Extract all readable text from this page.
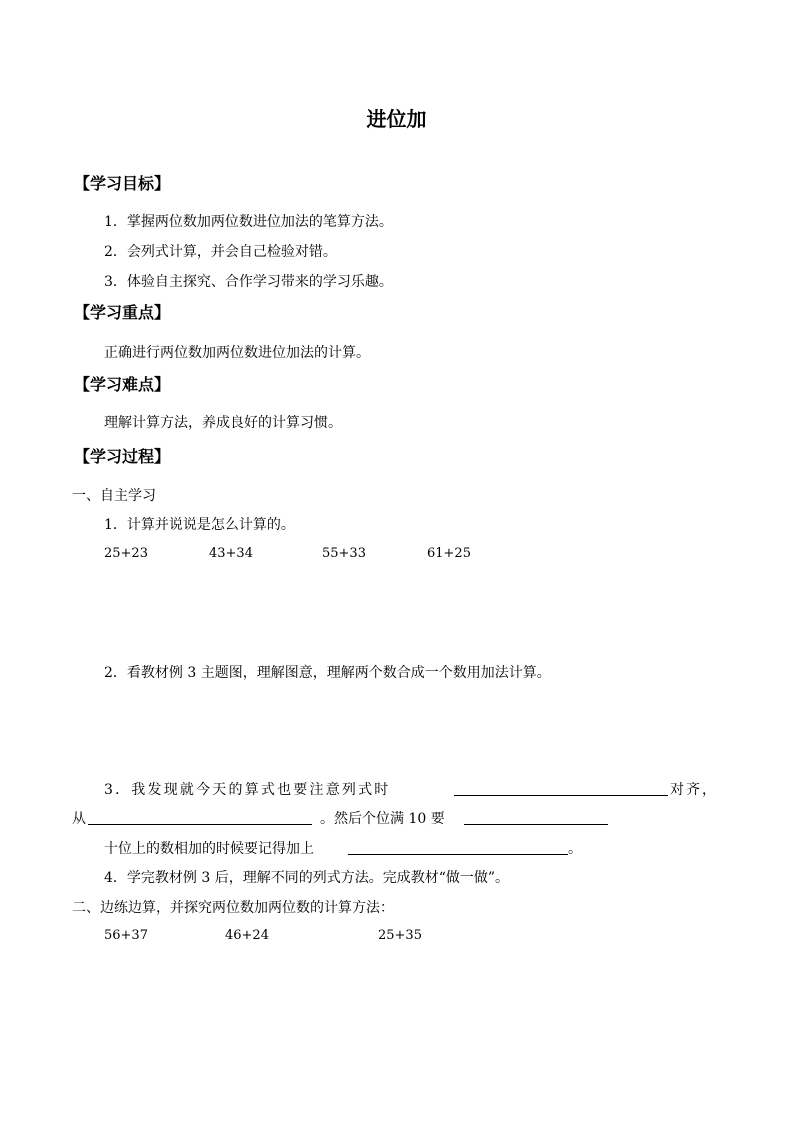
进位加
【学习目标】
1．掌握两位数加两位数进位加法的笔算方法。
2．会列式计算，并会自己检验对错。
3．体验自主探究、合作学习带来的学习乐趣。
【学习重点】
正确进行两位数加两位数进位加法的计算。
【学习难点】
理解计算方法，养成良好的计算习惯。
【学习过程】
一、自主学习
1．计算并说说是怎么计算的。
25+23	43+34	55+33	61+25
2．看教材例 3 主题图，理解图意，理解两个数合成一个数用加法计算。
3．我发现就今天的算式也要注意列式时	对齐，
从	。然后个位满 10 要
十位上的数相加的时候要记得加上	。
4．学完教材例 3 后，理解不同的列式方法。完成教材“做一做”。
二、边练边算，并探究两位数加两位数的计算方法：
56+37	46+24	25+35
